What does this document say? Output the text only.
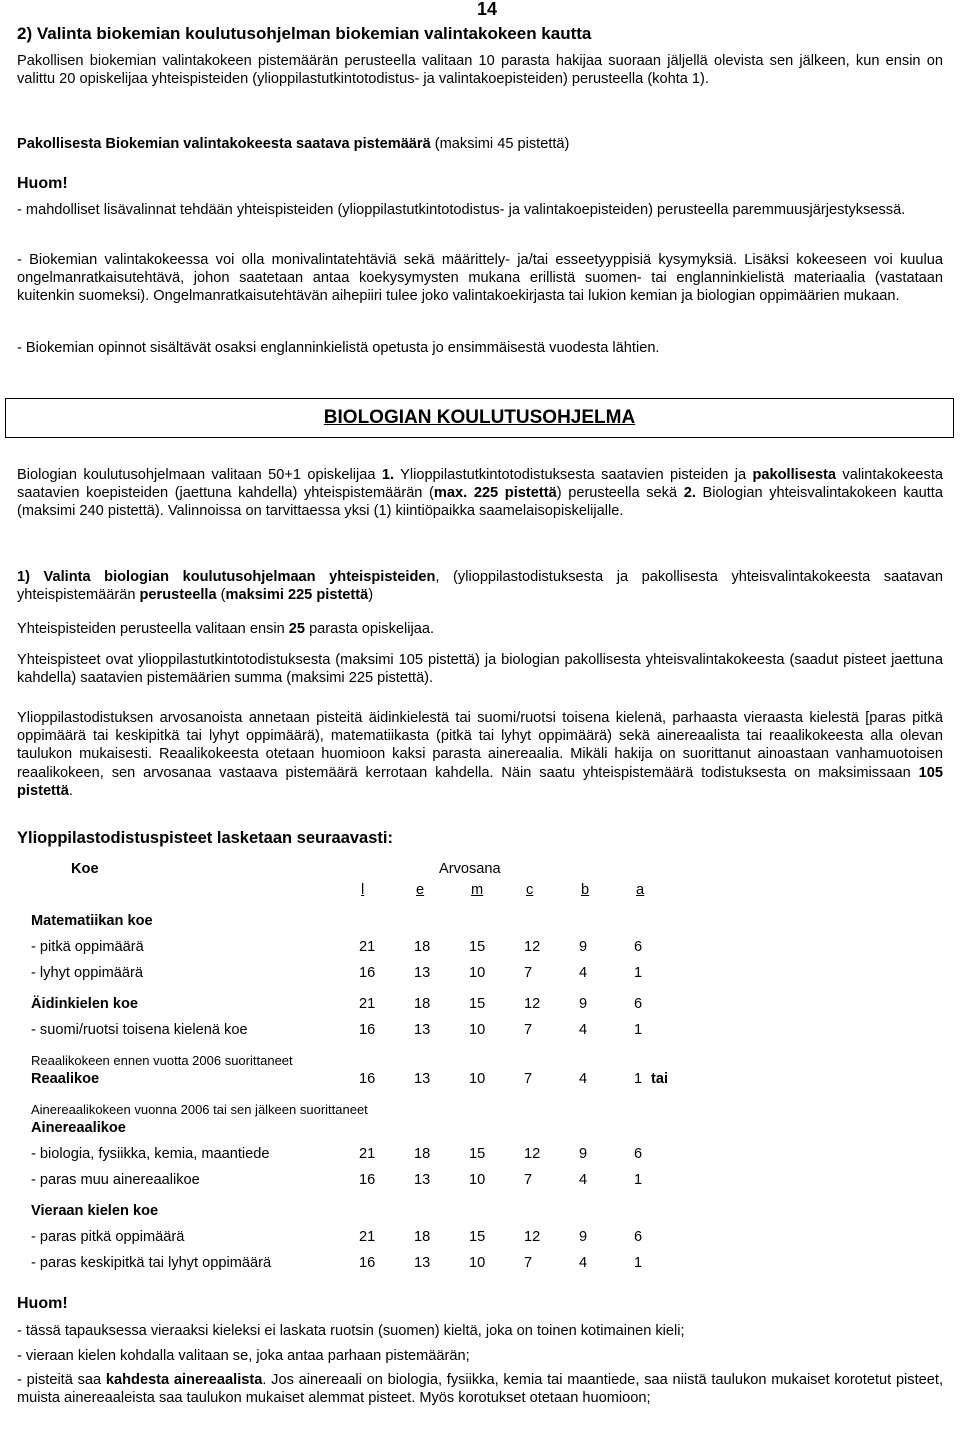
14
2) Valinta biokemian koulutusohjelman biokemian valintakokeen kautta

Pakollisen biokemian valintakokeen pistemäärän perusteella valitaan 10 parasta hakijaa suoraan jäljellä olevista sen jälkeen, kun ensin on valittu 20 opiskelijaa yhteispisteiden (ylioppilastutkintotodistus- ja valintakoepisteiden) perusteella (kohta 1).

Pakollisesta Biokemian valintakokeesta saatava pistemäärä (maksimi 45 pistettä)

Huom!

- mahdolliset lisävalinnat tehdään yhteispisteiden (ylioppilastutkintotodistus- ja valintakoepisteiden) perusteella paremmuusjärjestyksessä.

- Biokemian valintakokeessa voi olla monivalintatehtäviä sekä määrittely- ja/tai esseetyyppisiä kysymyksiä. Lisäksi kokeeseen voi kuulua ongelmanratkaisutehtävä, johon saatetaan antaa koekysymysten mukana erillistä suomen- tai englanninkielistä materiaalia (vastataan kuitenkin suomeksi). Ongelmanratkaisutehtävän aihepiiri tulee joko valintakoekirjasta tai lukion kemian ja biologian oppimäärien mukaan.

- Biokemian opinnot sisältävät osaksi englanninkielistä opetusta jo ensimmäisestä vuodesta lähtien.

BIOLOGIAN KOULUTUSOHJELMA

Biologian koulutusohjelmaan valitaan 50+1 opiskelijaa 1. Ylioppilastutkintotodistuksesta saatavien pisteiden ja pakollisesta valintakokeesta saatavien koepisteiden (jaettuna kahdella) yhteispistemäärän (max. 225 pistettä) perusteella sekä 2. Biologian yhteisvalintakokeen kautta (maksimi 240 pistettä). Valinnoissa on tarvittaessa yksi (1) kiintiöpaikka saamelaisopiskelijalle.

1) Valinta biologian koulutusohjelmaan yhteispisteiden, (ylioppilastodistuksesta ja pakollisesta yhteisvalintakokeesta saatavan yhteispistemäärän perusteella (maksimi 225 pistettä)

Yhteispisteiden perusteella valitaan ensin 25 parasta opiskelijaa.

Yhteispisteet ovat ylioppilastutkintotodistuksesta (maksimi 105 pistettä) ja biologian pakollisesta yhteisvalintakokeesta (saadut pisteet jaettuna kahdella) saatavien pistemäärien summa (maksimi 225 pistettä).

Ylioppilastodistuksen arvosanoista annetaan pisteitä äidinkielestä tai suomi/ruotsi toisena kielenä, parhaasta vieraasta kielestä [paras pitkä oppimäärä tai keskipitkä tai lyhyt oppimäärä), matematiikasta (pitkä tai lyhyt oppimäärä) sekä ainereaalista tai reaalikokeesta alla olevan taulukon mukaisesti. Reaalikokeesta otetaan huomioon kaksi parasta ainereaalia. Mikäli hakija on suorittanut ainoastaan vanhamuotoisen reaalikokeen, sen arvosanaa vastaava pistemäärä kerrotaan kahdella. Näin saatu yhteispistemäärä todistuksesta on maksimissaan 105 pistettä.

Ylioppilastodistuspisteet lasketaan seuraavasti:

Koe	Arvosana
l	e	m	c	b	a
Matematiikan koe
- pitkä oppimäärä	21	18	15	12	9	6
- lyhyt oppimäärä	16	13	10	7	4	1
Äidinkielen koe	21	18	15	12	9	6
- suomi/ruotsi toisena kielenä koe	16	13	10	7	4	1
Reaalikokeen ennen vuotta 2006 suorittaneet
Reaalikoe	16	13	10	7	4	1 tai
Ainereaalikokeen vuonna 2006 tai sen jälkeen suorittaneet
Ainereaalikoe
- biologia, fysiikka, kemia, maantiede	21	18	15	12	9	6
- paras muu ainereaalikoe	16	13	10	7	4	1
Vieraan kielen koe
- paras pitkä oppimäärä	21	18	15	12	9	6
- paras keskipitkä tai lyhyt oppimäärä	16	13	10	7	4	1

Huom!

- tässä tapauksessa vieraaksi kieleksi ei laskata ruotsin (suomen) kieltä, joka on toinen kotimainen kieli;

- vieraan kielen kohdalla valitaan se, joka antaa parhaan pistemäärän;

- pisteitä saa kahdesta ainereaalista. Jos ainereaali on biologia, fysiikka, kemia tai maantiede, saa niistä taulukon mukaiset korotetut pisteet, muista ainereaaleista saa taulukon mukaiset alemmat pisteet. Myös korotukset otetaan huomioon;
